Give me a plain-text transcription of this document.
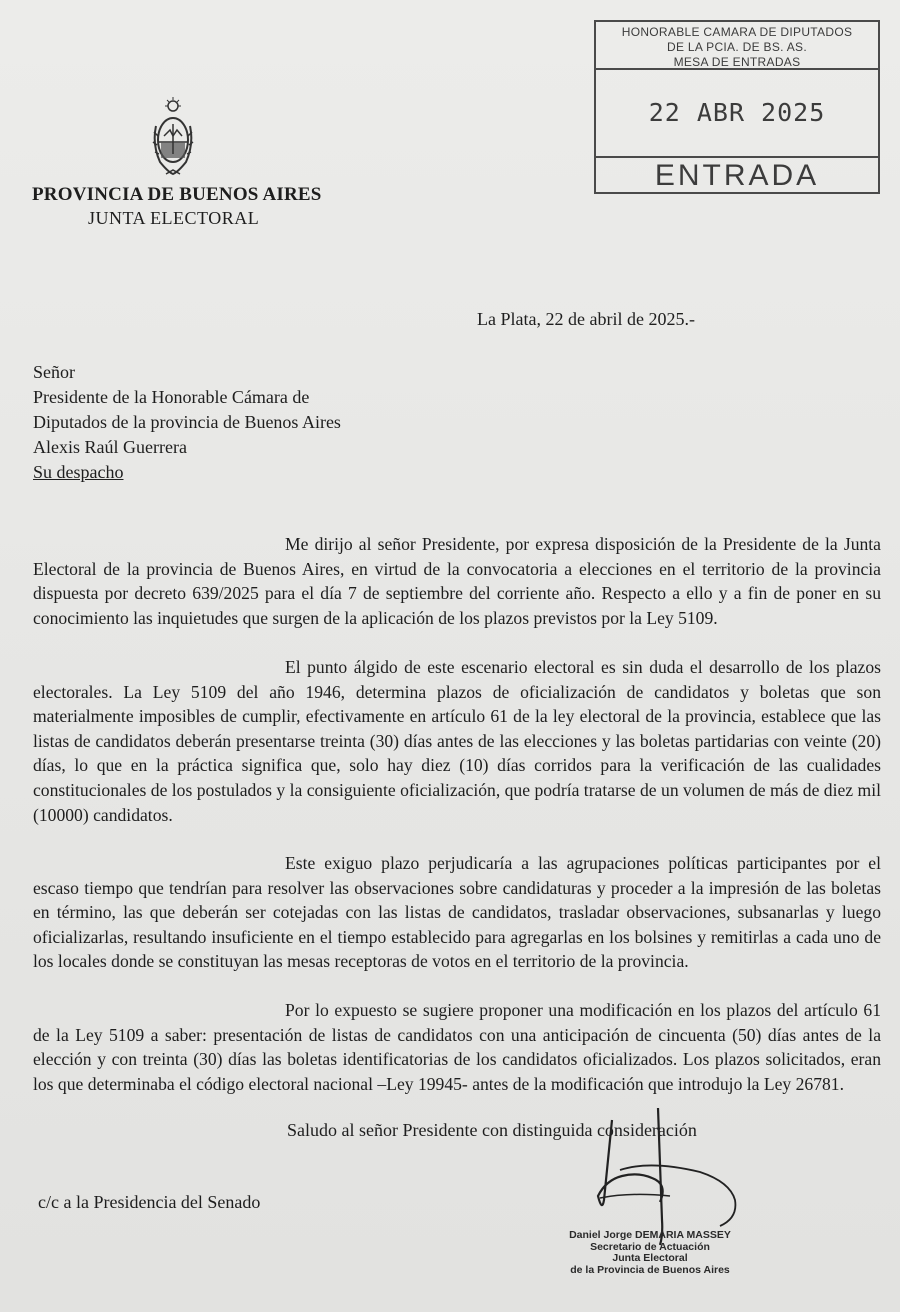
HONORABLE CAMARA DE DIPUTADOS
DE LA PCIA. DE BS. AS.
MESA DE ENTRADAS
22 ABR 2025
ENTRADA
PROVINCIA DE BUENOS AIRES
JUNTA ELECTORAL
La Plata, 22 de abril de 2025.-
Señor
Presidente de la Honorable Cámara de
Diputados de la provincia de Buenos Aires
Alexis Raúl Guerrera
Su despacho

Me dirijo al señor Presidente, por expresa disposición de la Presidente de la Junta Electoral de la provincia de Buenos Aires, en virtud de la convocatoria a elecciones en el territorio de la provincia dispuesta por decreto 639/2025 para el día 7 de septiembre del corriente año. Respecto a ello y a fin de poner en su conocimiento las inquietudes que surgen de la aplicación de los plazos previstos por la Ley 5109.

El punto álgido de este escenario electoral es sin duda el desarrollo de los plazos electorales. La Ley 5109 del año 1946, determina plazos de oficialización de candidatos y boletas que son materialmente imposibles de cumplir, efectivamente en artículo 61 de la ley electoral de la provincia, establece que las listas de candidatos deberán presentarse treinta (30) días antes de las elecciones y las boletas partidarias con veinte (20) días, lo que en la práctica significa que, solo hay diez (10) días corridos para la verificación de las cualidades constitucionales de los postulados y la consiguiente oficialización, que podría tratarse de un volumen de más de diez mil (10000) candidatos.

Este exiguo plazo perjudicaría a las agrupaciones políticas participantes por el escaso tiempo que tendrían para resolver las observaciones sobre candidaturas y proceder a la impresión de las boletas en término, las que deberán ser cotejadas con las listas de candidatos, trasladar observaciones, subsanarlas y luego oficializarlas, resultando insuficiente en el tiempo establecido para agregarlas en los bolsines y remitirlas a cada uno de los locales donde se constituyan las mesas receptoras de votos en el territorio de la provincia.

Por lo expuesto se sugiere proponer una modificación en los plazos del artículo 61 de la Ley 5109 a saber: presentación de listas de candidatos con una anticipación de cincuenta (50) días antes de la elección y con treinta (30) días las boletas identificatorias de los candidatos oficializados. Los plazos solicitados, eran los que determinaba el código electoral nacional –Ley 19945- antes de la modificación que introdujo la Ley 26781.

Saludo al señor Presidente con distinguida consideración
c/c a la Presidencia del Senado
Daniel Jorge DEMARIA MASSEY
Secretario de Actuación
Junta Electoral
de la Provincia de Buenos Aires
